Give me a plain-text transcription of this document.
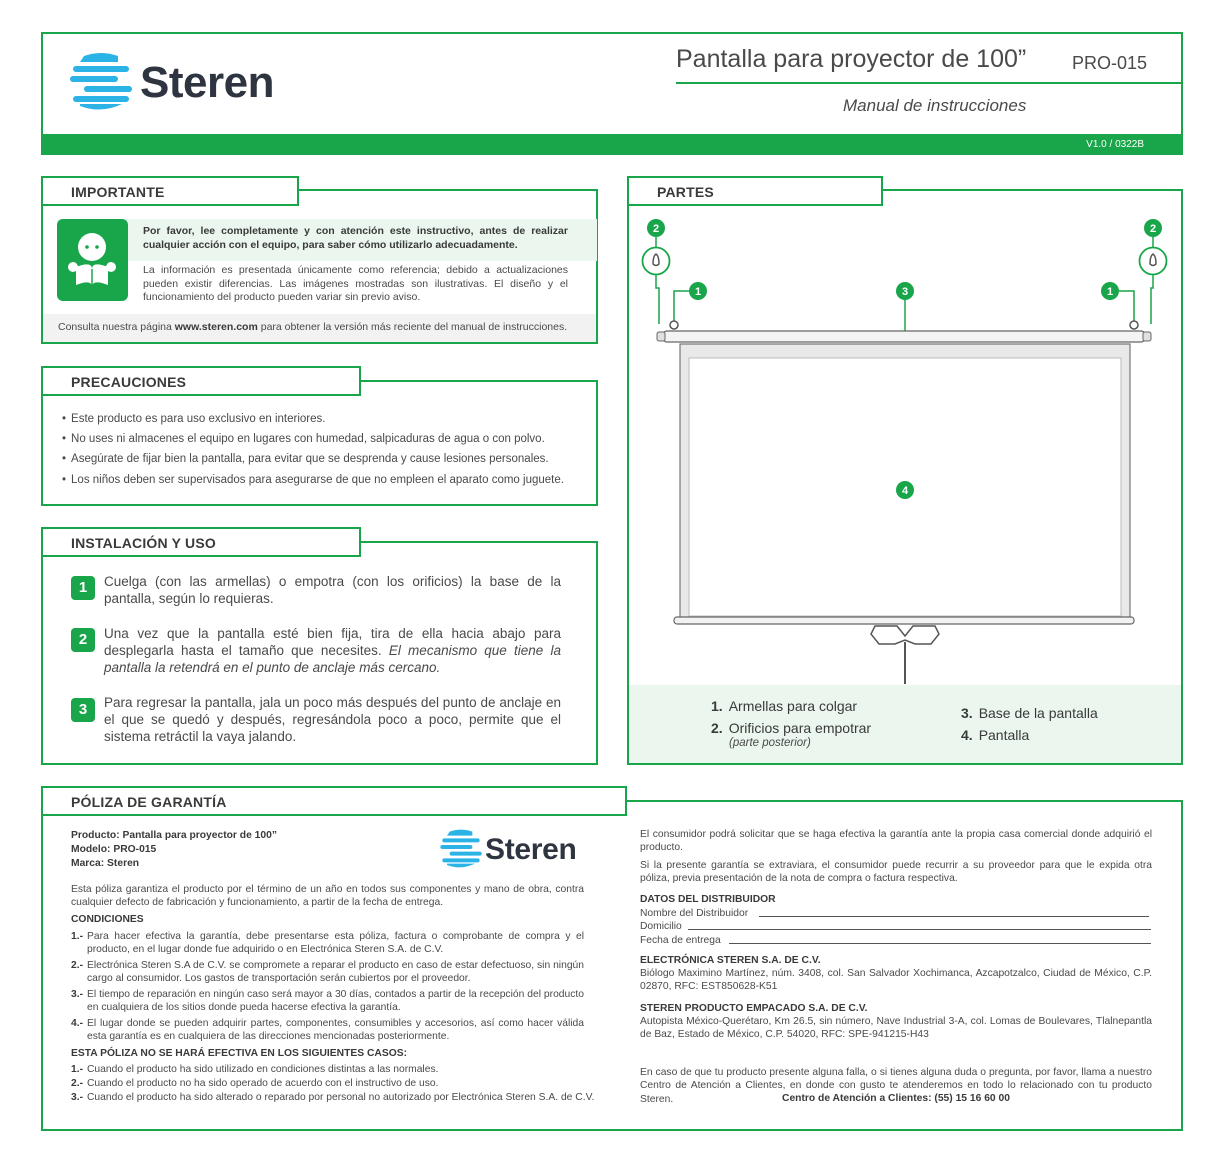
Steren	Pantalla para proyector de 100”	PRO-015
Manual de instrucciones
V1.0 / 0322B
IMPORTANTE
Por favor, lee completamente y con atención este instructivo, antes de realizar cualquier acción con el equipo, para saber cómo utilizarlo adecuadamente.
La información es presentada únicamente como referencia; debido a actualizaciones pueden existir diferencias. Las imágenes mostradas son ilustrativas. El diseño y el funcionamiento del producto pueden variar sin previo aviso.
Consulta nuestra página www.steren.com para obtener la versión más reciente del manual de instrucciones.
PRECAUCIONES
• Este producto es para uso exclusivo en interiores.
• No uses ni almacenes el equipo en lugares con humedad, salpicaduras de agua o con polvo.
• Asegúrate de fijar bien la pantalla, para evitar que se desprenda y cause lesiones personales.
• Los niños deben ser supervisados para asegurarse de que no empleen el aparato como juguete.
INSTALACIÓN Y USO
1	Cuelga (con las armellas) o empotra (con los orificios) la base de la pantalla, según lo requieras.
2	Una vez que la pantalla esté bien fija, tira de ella hacia abajo para desplegarla hasta el tamaño que necesites. El mecanismo que tiene la pantalla la retendrá en el punto de anclaje más cercano.
3	Para regresar la pantalla, jala un poco más después del punto de anclaje en el que se quedó y después, regresándola poco a poco, permite que el sistema retráctil la vaya jalando.
PARTES
2	2
1	1
3
4
1. Armellas para colgar
2. Orificios para empotrar
(parte posterior)
3. Base de la pantalla
4. Pantalla
PÓLIZA DE GARANTÍA
Producto: Pantalla para proyector de 100”
Modelo: PRO-015
Marca: Steren	Steren
Esta póliza garantiza el producto por el término de un año en todos sus componentes y mano de obra, contra cualquier defecto de fabricación y funcionamiento, a partir de la fecha de entrega.
CONDICIONES
1.- Para hacer efectiva la garantía, debe presentarse esta póliza, factura o comprobante de compra y el producto, en el lugar donde fue adquirido o en Electrónica Steren S.A. de C.V.
2.- Electrónica Steren S.A de C.V. se compromete a reparar el producto en caso de estar defectuoso, sin ningún cargo al consumidor. Los gastos de transportación serán cubiertos por el proveedor.
3.- El tiempo de reparación en ningún caso será mayor a 30 días, contados a partir de la recepción del producto en cualquiera de los sitios donde pueda hacerse efectiva la garantía.
4.- El lugar donde se pueden adquirir partes, componentes, consumibles y accesorios, así como hacer válida esta garantía es en cualquiera de las direcciones mencionadas posteriormente.
ESTA PÓLIZA NO SE HARÁ EFECTIVA EN LOS SIGUIENTES CASOS:
1.- Cuando el producto ha sido utilizado en condiciones distintas a las normales.
2.- Cuando el producto no ha sido operado de acuerdo con el instructivo de uso.
3.- Cuando el producto ha sido alterado o reparado por personal no autorizado por Electrónica Steren S.A. de C.V.
El consumidor podrá solicitar que se haga efectiva la garantía ante la propia casa comercial donde adquirió el producto.
Si la presente garantía se extraviara, el consumidor puede recurrir a su proveedor para que le expida otra póliza, previa presentación de la nota de compra o factura respectiva.
DATOS DEL DISTRIBUIDOR
Nombre del Distribuidor
Domicilio
Fecha de entrega
ELECTRÓNICA STEREN S.A. DE C.V.
Biólogo Maximino Martínez, núm. 3408, col. San Salvador Xochimanca, Azcapotzalco, Ciudad de México, C.P. 02870, RFC: EST850628-K51
STEREN PRODUCTO EMPACADO S.A. DE C.V.
Autopista México-Querétaro, Km 26.5, sin número, Nave Industrial 3-A, col. Lomas de Boulevares, Tlalnepantla de Baz, Estado de México, C.P. 54020, RFC: SPE-941215-H43
En caso de que tu producto presente alguna falla, o si tienes alguna duda o pregunta, por favor, llama a nuestro Centro de Atención a Clientes, en donde con gusto te atenderemos en todo lo relacionado con tu producto Steren.	Centro de Atención a Clientes: (55) 15 16 60 00
